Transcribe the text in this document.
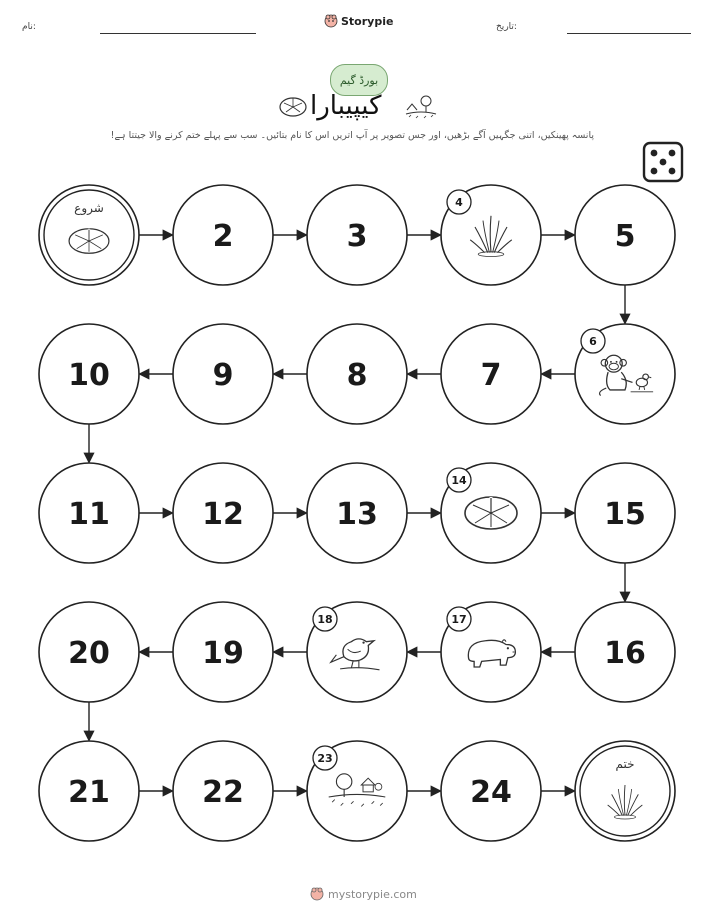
نام:	Storypie	تاریخ:
بورڈ گیم
کیپیبارا
پانسہ پھینکیں، اتنی جگہیں آگے بڑھیں، اور جس تصویر پر آپ اتریں اس کا نام بتائیں۔ سب سے پہلے ختم کرنے والا جیتتا ہے!
شروع
2	3
4
5
6
7
8
9
10
11	12	13
14
15
16
17
18
19
20
21	22
23
24
ختم
mystorypie.com
